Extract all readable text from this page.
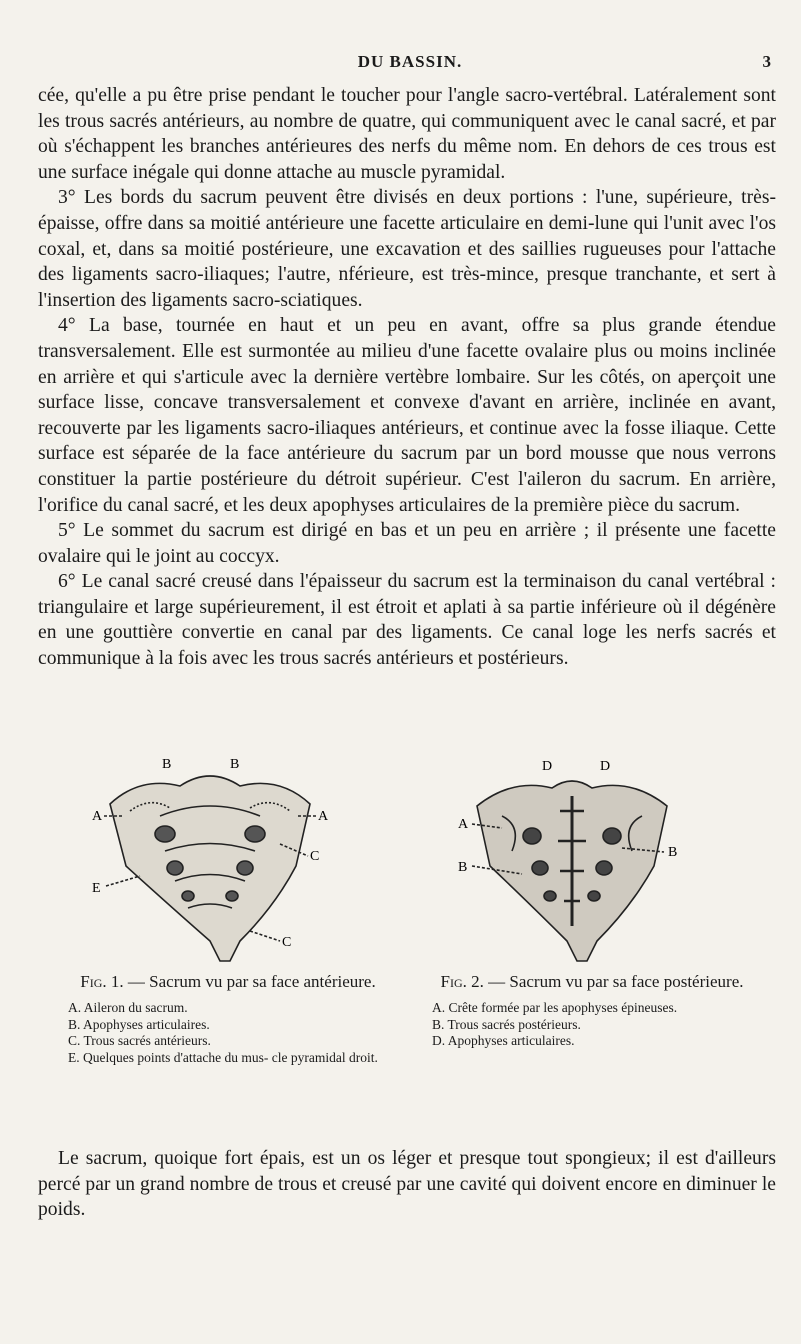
DU BASSIN.	3

cée, qu'elle a pu être prise pendant le toucher pour l'angle sacro-vertébral. Latéralement sont les trous sacrés antérieurs, au nombre de quatre, qui communiquent avec le canal sacré, et par où s'échappent les branches antérieures des nerfs du même nom. En dehors de ces trous est une surface inégale qui donne attache au muscle pyramidal.

3° Les bords du sacrum peuvent être divisés en deux portions : l'une, supérieure, très-épaisse, offre dans sa moitié antérieure une facette articulaire en demi-lune qui l'unit avec l'os coxal, et, dans sa moitié postérieure, une excavation et des saillies rugueuses pour l'attache des ligaments sacro-iliaques; l'autre, nférieure, est très-mince, presque tranchante, et sert à l'insertion des ligaments sacro-sciatiques.

4° La base, tournée en haut et un peu en avant, offre sa plus grande étendue transversalement. Elle est surmontée au milieu d'une facette ovalaire plus ou moins inclinée en arrière et qui s'articule avec la dernière vertèbre lombaire. Sur les côtés, on aperçoit une surface lisse, concave transversalement et convexe d'avant en arrière, inclinée en avant, recouverte par les ligaments sacro-iliaques antérieurs, et continue avec la fosse iliaque. Cette surface est séparée de la face antérieure du sacrum par un bord mousse que nous verrons constituer la partie postérieure du détroit supérieur. C'est l'aileron du sacrum. En arrière, l'orifice du canal sacré, et les deux apophyses articulaires de la première pièce du sacrum.

5° Le sommet du sacrum est dirigé en bas et un peu en arrière ; il présente une facette ovalaire qui le joint au coccyx.

6° Le canal sacré creusé dans l'épaisseur du sacrum est la terminaison du canal vertébral : triangulaire et large supérieurement, il est étroit et aplati à sa partie inférieure où il dégénère en une gouttière convertie en canal par des ligaments. Ce canal loge les nerfs sacrés et communique à la fois avec les trous sacrés antérieurs et postérieurs.

B	B
A	A
C
E
C
D	D
A
B
B
Fig. 1. — Sacrum vu par sa face antérieure.
A. Aileron du sacrum.
B. Apophyses articulaires.
C. Trous sacrés antérieurs.
E. Quelques points d'attache du mus- cle pyramidal droit.
Fig. 2. — Sacrum vu par sa face postérieure.
A. Crête formée par les apophyses épineuses.
B. Trous sacrés postérieurs.
D. Apophyses articulaires.

Le sacrum, quoique fort épais, est un os léger et presque tout spongieux; il est d'ailleurs percé par un grand nombre de trous et creusé par une cavité qui doivent encore en diminuer le poids.
